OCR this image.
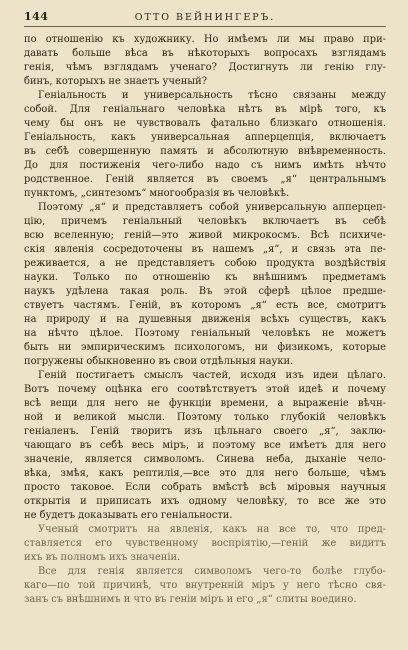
144	ОТТО ВЕЙНИНГЕРЪ.
по отношенію къ художнику. Но имѣемъ ли мы право при-
давать больше вѣса въ нѣкоторыхъ вопросахъ взглядамъ
генія, чѣмъ взглядамъ ученаго? Достигнуть ли генію глу-
бинъ, которыхъ не знаетъ ученый?
Геніальность и универсальность тѣсно связаны между
собой. Для геніальнаго человѣка нѣтъ въ мірѣ того, къ
чему бы онъ не чувствовалъ фатально близкаго отношенія.
Геніальность, какъ универсальная апперцепція, включаетъ
въ себѣ совершенную память и абсолютную внѣвременность.
До для постиженія чего-либо надо съ нимъ имѣть нѣчто
родственное. Геній является въ своемъ „я“ центральнымъ
пунктомъ, „синтезомъ“ многообразія въ человѣкѣ.
Поэтому „я“ и представляетъ собой универсальную апперцеп-
цію, причемъ геніальный человѣкъ включаетъ въ себѣ
всю вселенную; геній—это живой микрокосмъ. Всѣ психиче-
скія явленія сосредоточены въ нашемъ „я“, и связь эта пе-
реживается, а не представляетъ собою продукта воздѣйствія
науки. Только по отношенію къ внѣшнимъ предметамъ
наукъ удѣлена такая роль. Въ этой сферѣ цѣлое предше-
ствуетъ частямъ. Геній, въ которомъ „я“ есть все, смотритъ
на природу и на душевныя движенія всѣхъ существъ, какъ
на нѣчто цѣлое. Поэтому геніальный человѣкъ не можетъ
быть ни эмпирическимъ психологомъ, ни физикомъ, которые
погружены обыкновенно въ свои отдѣльныя науки.
Геній постигаетъ смыслъ частей, исходя изъ идеи цѣлаго.
Вотъ почему оцѣнка его соотвѣтствуетъ этой идеѣ и почему
всѣ вещи для него не функціи времени, а выраженіе вѣчн-
ной и великой мысли. Поэтому только глубокій человѣкъ
геніаленъ. Геній творитъ изъ цѣльнаго своего „я“, заклю-
чающаго въ себѣ весь міръ, и поэтому все имѣетъ для него
значеніе, является символомъ. Синева неба, дыханіе чело-
вѣка, змѣя, какъ рептилія,—все это для него больше, чѣмъ
просто таковое. Если собрать вмѣстѣ всѣ міровыя научныя
открытія и приписать ихъ одному человѣку, то все же это
не будетъ доказывать его геніальности.
Ученый смотритъ на явленія, какъ на все то, что пред-
ставляется его чувственному воспріятію,—геній же видитъ
ихъ въ полномъ ихъ значеніи.
Все для генія является символомъ чего-то болѣе глубо-
каго—по той причинѣ, что внутренній міръ у него тѣсно свя-
занъ съ внѣшнимъ и что въ геніи міръ и его „я“ слиты воедино.
